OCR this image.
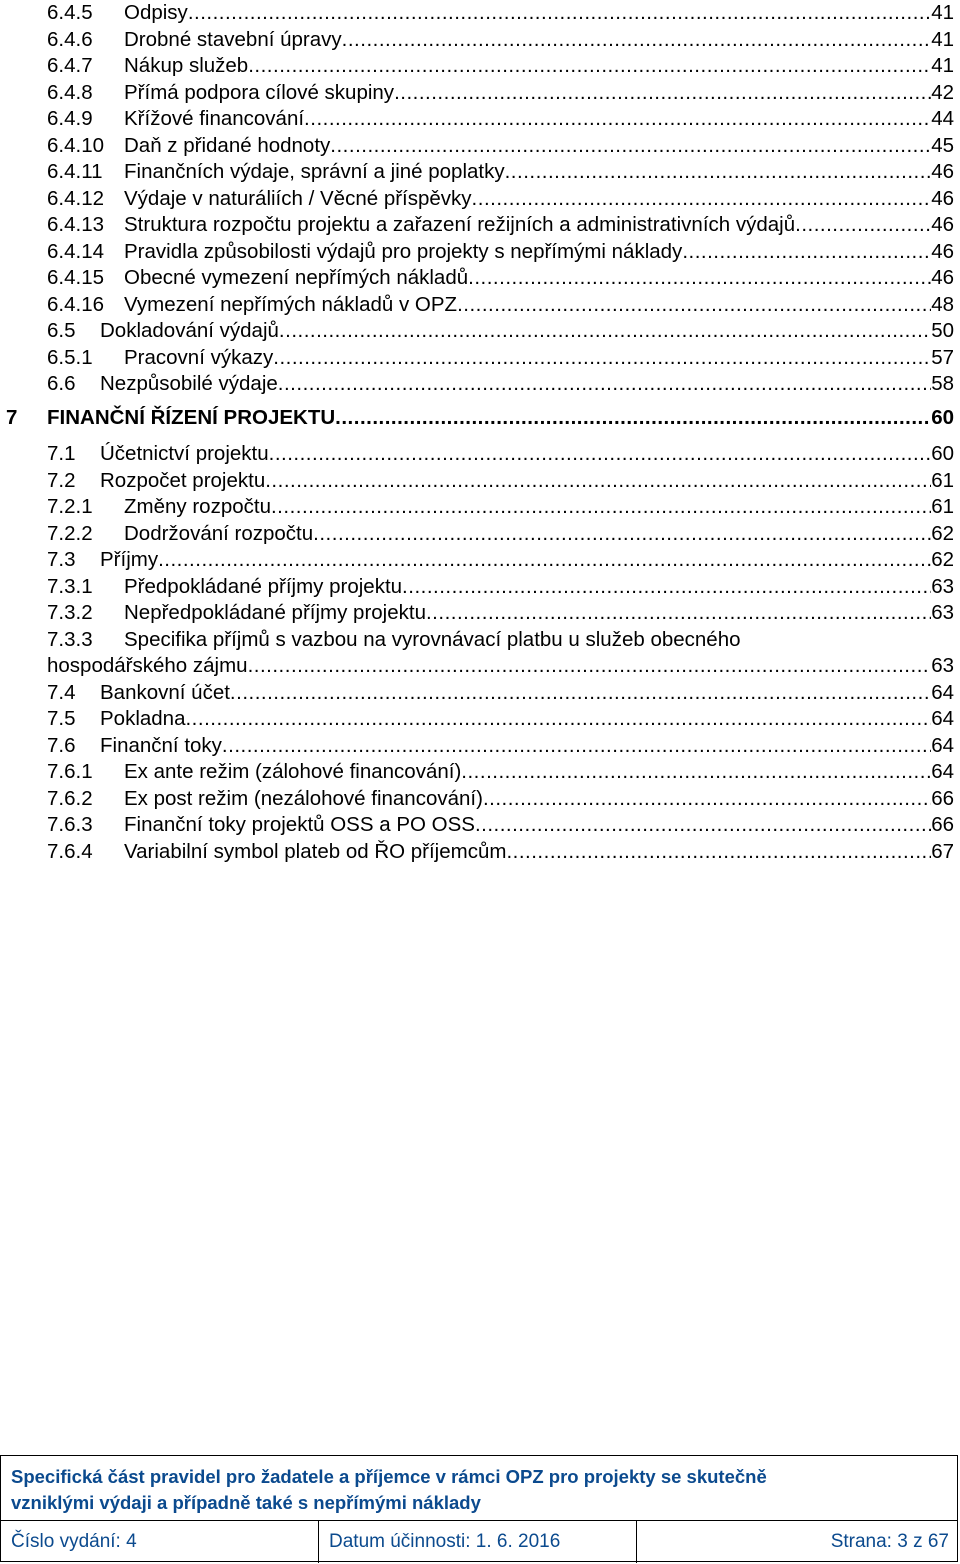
6.4.5	Odpisy .....	41
6.4.6	Drobné stavební úpravy .....	41
6.4.7	Nákup služeb .....	41
6.4.8	Přímá podpora cílové skupiny .....	42
6.4.9	Křížové financování .....	44
6.4.10 Daň z přidané hodnoty .....	45
6.4.11	Finančních výdaje, správní a jiné poplatky .....	46
6.4.12 Výdaje v naturáliích / Věcné příspěvky .....	46
6.4.13 Struktura rozpočtu projektu a zařazení režijních a administrativních výdajů .....	46
6.4.14 Pravidla způsobilosti výdajů pro projekty s nepřímými náklady .....	46
6.4.15 Obecné vymezení nepřímých nákladů .....	46
6.4.16 Vymezení nepřímých nákladů v OPZ .....	48
6.5	Dokladování výdajů .....	50
6.5.1	Pracovní výkazy .....	57
6.6	Nezpůsobilé výdaje .....	58
7	FINANČNÍ ŘÍZENÍ PROJEKTU .....	60
7.1	Účetnictví projektu .....	60
7.2	Rozpočet projektu .....	61
7.2.1	Změny rozpočtu .....	61
7.2.2	Dodržování rozpočtu .....	62
7.3	Příjmy .....	62
7.3.1	Předpokládané příjmy projektu .....	63
7.3.2	Nepředpokládané příjmy projektu .....	63
7.3.3	Specifika příjmů s vazbou na vyrovnávací platbu u služeb obecného
hospodářského zájmu .....	63
7.4	Bankovní účet .....	64
7.5	Pokladna .....	64
7.6	Finanční toky .....	64
7.6.1	Ex ante režim (zálohové financování) .....	64
7.6.2	Ex post režim (nezálohové financování) .....	66
7.6.3	Finanční toky projektů OSS a PO OSS .....	66
7.6.4	Variabilní symbol plateb od ŘO příjemcům .....	67
Specifická část pravidel pro žadatele a příjemce v rámci OPZ pro projekty se skutečně
vzniklými výdaji a případně také s nepřímými náklady
Číslo vydání: 4	Datum účinnosti: 1. 6. 2016	Strana: 3 z 67
